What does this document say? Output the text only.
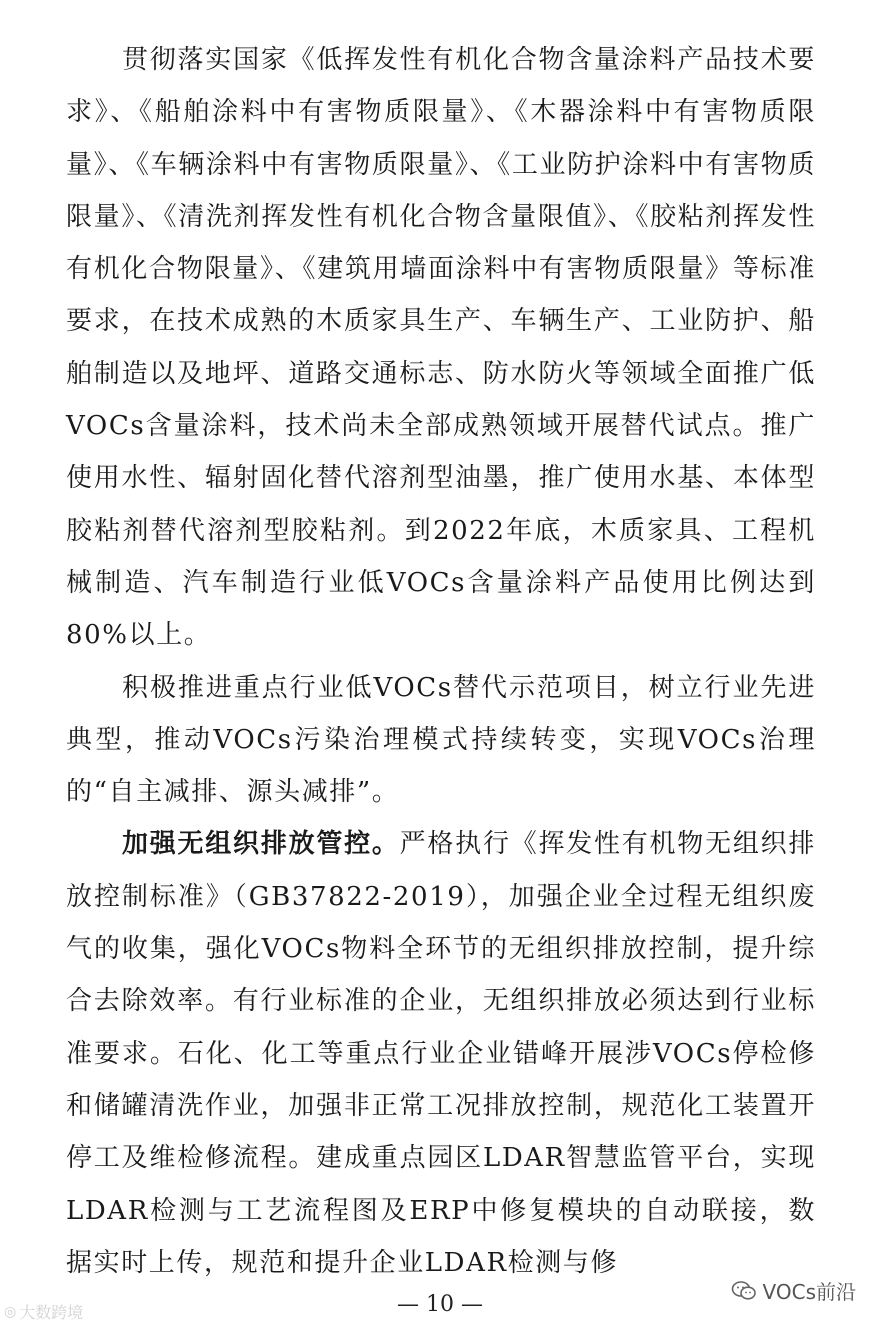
贯彻落实国家《低挥发性有机化合物含量涂料产品技术要求》、《船舶涂料中有害物质限量》、《木器涂料中有害物质限量》、《车辆涂料中有害物质限量》、《工业防护涂料中有害物质限量》、《清洗剂挥发性有机化合物含量限值》、《胶粘剂挥发性有机化合物限量》、《建筑用墙面涂料中有害物质限量》等标准要求，在技术成熟的木质家具生产、车辆生产、工业防护、船舶制造以及地坪、道路交通标志、防水防火等领域全面推广低VOCs含量涂料，技术尚未全部成熟领域开展替代试点。推广使用水性、辐射固化替代溶剂型油墨，推广使用水基、本体型胶粘剂替代溶剂型胶粘剂。到2022年底，木质家具、工程机械制造、汽车制造行业低VOCs含量涂料产品使用比例达到80%以上。

积极推进重点行业低VOCs替代示范项目，树立行业先进典型，推动VOCs污染治理模式持续转变，实现VOCs治理的“自主减排、源头减排”。

加强无组织排放管控。严格执行《挥发性有机物无组织排放控制标准》（GB37822-2019），加强企业全过程无组织废气的收集，强化VOCs物料全环节的无组织排放控制，提升综合去除效率。有行业标准的企业，无组织排放必须达到行业标准要求。石化、化工等重点行业企业错峰开展涉VOCs停检修和储罐清洗作业，加强非正常工况排放控制，规范化工装置开停工及维检修流程。建成重点园区LDAR智慧监管平台，实现LDAR检测与工艺流程图及ERP中修复模块的自动联接，数据实时上传，规范和提升企业LDAR检测与修

— 10 —
◎ 大数跨境
VOCs前沿
